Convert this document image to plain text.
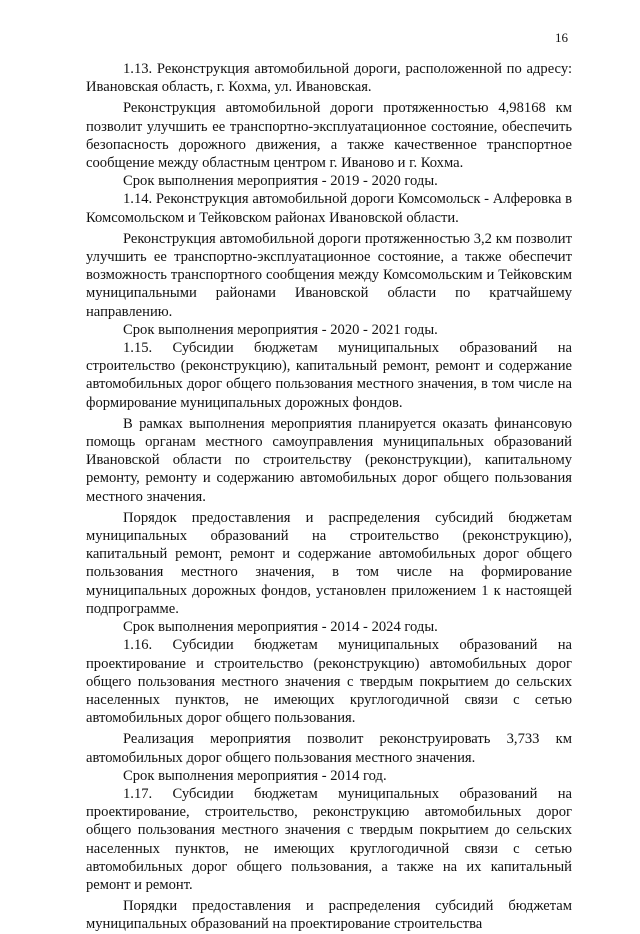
16

1.13. Реконструкция автомобильной дороги, расположенной по адресу: Ивановская область, г. Кохма, ул. Ивановская.

Реконструкция автомобильной дороги протяженностью 4,98168 км позволит улучшить ее транспортно-эксплуатационное состояние, обеспечить безопасность дорожного движения, а также качественное транспортное сообщение между областным центром г. Иваново и г. Кохма.

Срок выполнения мероприятия - 2019 - 2020 годы.

1.14. Реконструкция автомобильной дороги Комсомольск - Алферовка в Комсомольском и Тейковском районах Ивановской области.

Реконструкция автомобильной дороги протяженностью 3,2 км позволит улучшить ее транспортно-эксплуатационное состояние, а также обеспечит возможность транспортного сообщения между Комсомольским и Тейковским муниципальными районами Ивановской области по кратчайшему направлению.

Срок выполнения мероприятия - 2020 - 2021 годы.

1.15. Субсидии бюджетам муниципальных образований на строительство (реконструкцию), капитальный ремонт, ремонт и содержание автомобильных дорог общего пользования местного значения, в том числе на формирование муниципальных дорожных фондов.

В рамках выполнения мероприятия планируется оказать финансовую помощь органам местного самоуправления муниципальных образований Ивановской области по строительству (реконструкции), капитальному ремонту, ремонту и содержанию автомобильных дорог общего пользования местного значения.

Порядок предоставления и распределения субсидий бюджетам муниципальных образований на строительство (реконструкцию), капитальный ремонт, ремонт и содержание автомобильных дорог общего пользования местного значения, в том числе на формирование муниципальных дорожных фондов, установлен приложением 1 к настоящей подпрограмме.

Срок выполнения мероприятия - 2014 - 2024 годы.

1.16. Субсидии бюджетам муниципальных образований на проектирование и строительство (реконструкцию) автомобильных дорог общего пользования местного значения с твердым покрытием до сельских населенных пунктов, не имеющих круглогодичной связи с сетью автомобильных дорог общего пользования.

Реализация мероприятия позволит реконструировать 3,733 км автомобильных дорог общего пользования местного значения.

Срок выполнения мероприятия - 2014 год.

1.17. Субсидии бюджетам муниципальных образований на проектирование, строительство, реконструкцию автомобильных дорог общего пользования местного значения с твердым покрытием до сельских населенных пунктов, не имеющих круглогодичной связи с сетью автомобильных дорог общего пользования, а также на их капитальный ремонт и ремонт.

Порядки предоставления и распределения субсидий бюджетам муниципальных образований на проектирование строительства
